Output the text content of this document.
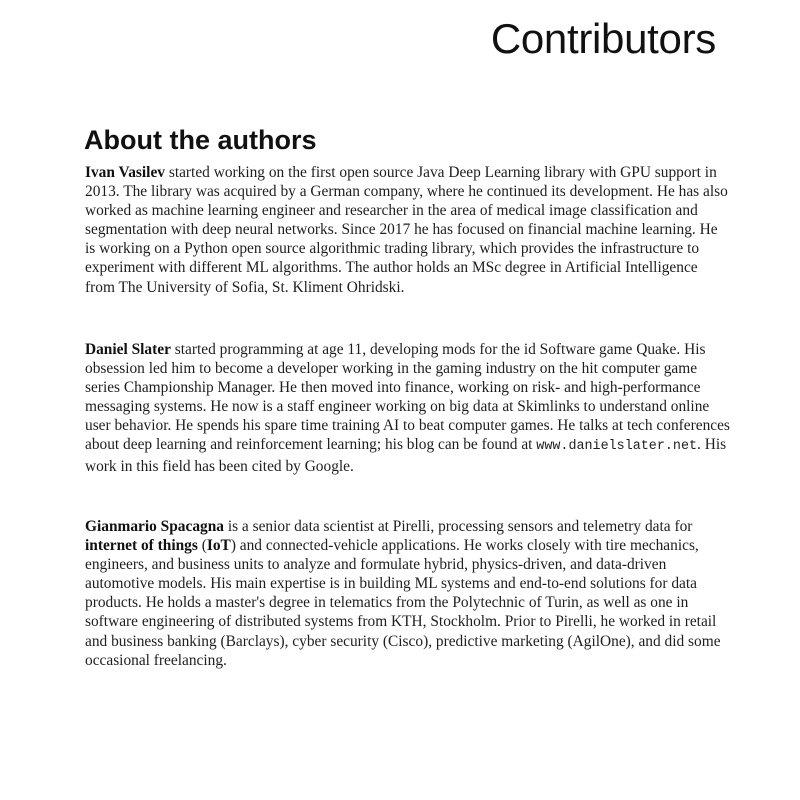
Contributors
About the authors

Ivan Vasilev started working on the first open source Java Deep Learning library with GPU support in 2013. The library was acquired by a German company, where he continued its development. He has also worked as machine learning engineer and researcher in the area of medical image classification and segmentation with deep neural networks. Since 2017 he has focused on financial machine learning. He is working on a Python open source algorithmic trading library, which provides the infrastructure to experiment with different ML algorithms. The author holds an MSc degree in Artificial Intelligence from The University of Sofia, St. Kliment Ohridski.

Daniel Slater started programming at age 11, developing mods for the id Software game Quake. His obsession led him to become a developer working in the gaming industry on the hit computer game series Championship Manager. He then moved into finance, working on risk- and high-performance messaging systems. He now is a staff engineer working on big data at Skimlinks to understand online user behavior. He spends his spare time training AI to beat computer games. He talks at tech conferences about deep learning and reinforcement learning; his blog can be found at www.danielslater.net. His work in this field has been cited by Google.

Gianmario Spacagna is a senior data scientist at Pirelli, processing sensors and telemetry data for internet of things (IoT) and connected-vehicle applications. He works closely with tire mechanics, engineers, and business units to analyze and formulate hybrid, physics-driven, and data-driven automotive models. His main expertise is in building ML systems and end-to-end solutions for data products. He holds a master's degree in telematics from the Polytechnic of Turin, as well as one in software engineering of distributed systems from KTH, Stockholm. Prior to Pirelli, he worked in retail and business banking (Barclays), cyber security (Cisco), predictive marketing (AgilOne), and did some occasional freelancing.
